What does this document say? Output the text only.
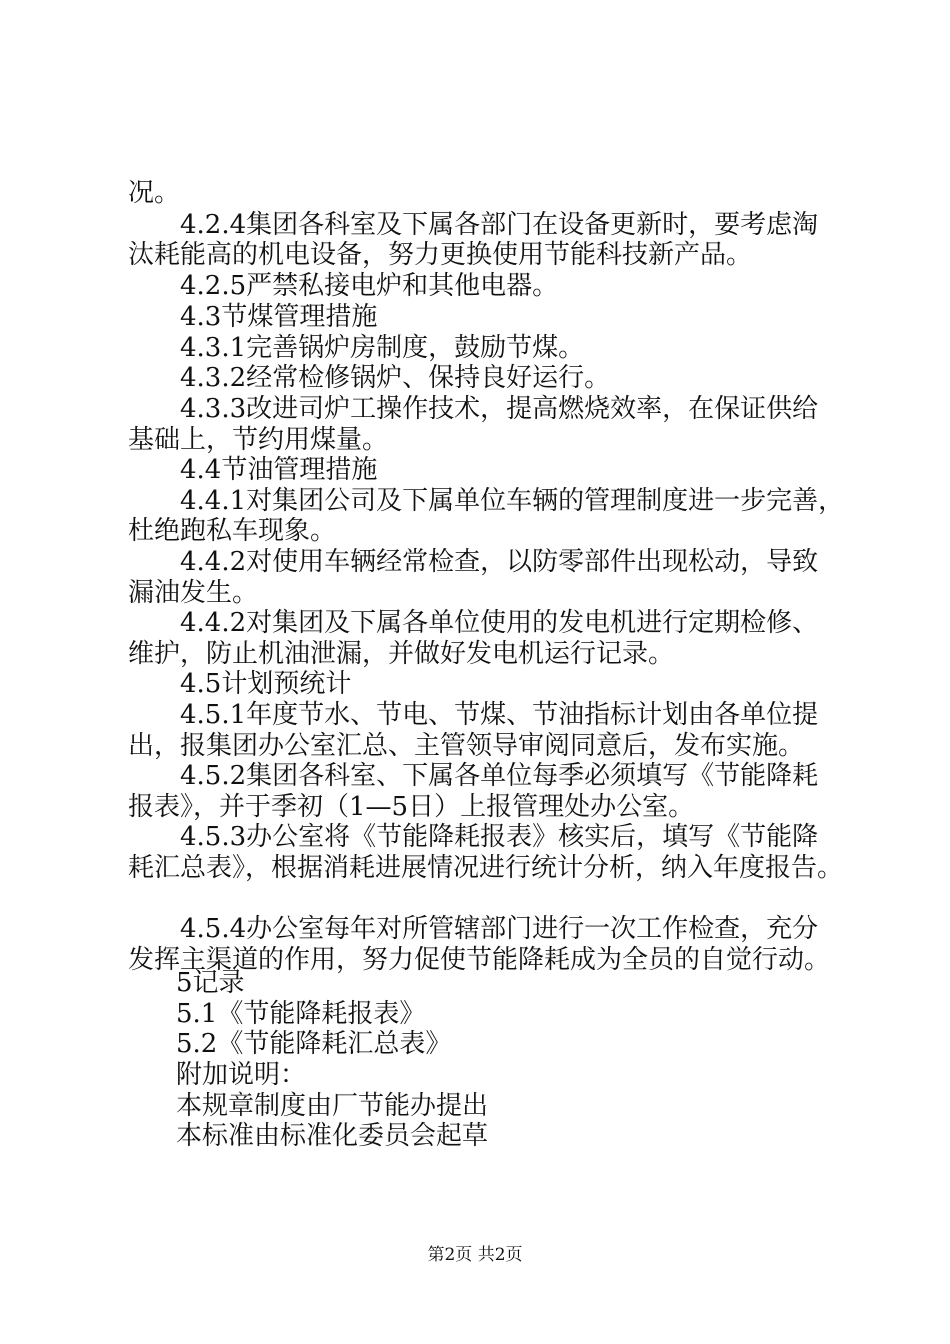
况。
4.2.4集团各科室及下属各部门在设备更新时，要考虑淘
汰耗能高的机电设备，努力更换使用节能科技新产品。
4.2.5严禁私接电炉和其他电器。
4.3节煤管理措施
4.3.1完善锅炉房制度，鼓励节煤。
4.3.2经常检修锅炉、保持良好运行。
4.3.3改进司炉工操作技术，提高燃烧效率，在保证供给
基础上，节约用煤量。
4.4节油管理措施
4.4.1对集团公司及下属单位车辆的管理制度进一步完善，
杜绝跑私车现象。
4.4.2对使用车辆经常检查，以防零部件出现松动，导致
漏油发生。
4.4.2对集团及下属各单位使用的发电机进行定期检修、
维护，防止机油泄漏，并做好发电机运行记录。
4.5计划预统计
4.5.1年度节水、节电、节煤、节油指标计划由各单位提
出，报集团办公室汇总、主管领导审阅同意后，发布实施。
4.5.2集团各科室、下属各单位每季必须填写《节能降耗
报表》，并于季初（1—5日）上报管理处办公室。
4.5.3办公室将《节能降耗报表》核实后，填写《节能降
耗汇总表》，根据消耗进展情况进行统计分析，纳入年度报告。
4.5.4办公室每年对所管辖部门进行一次工作检查，充分
发挥主渠道的作用，努力促使节能降耗成为全员的自觉行动。
5记录
5.1《节能降耗报表》
5.2《节能降耗汇总表》
附加说明：
本规章制度由厂节能办提出
本标准由标准化委员会起草
第2页 共2页
